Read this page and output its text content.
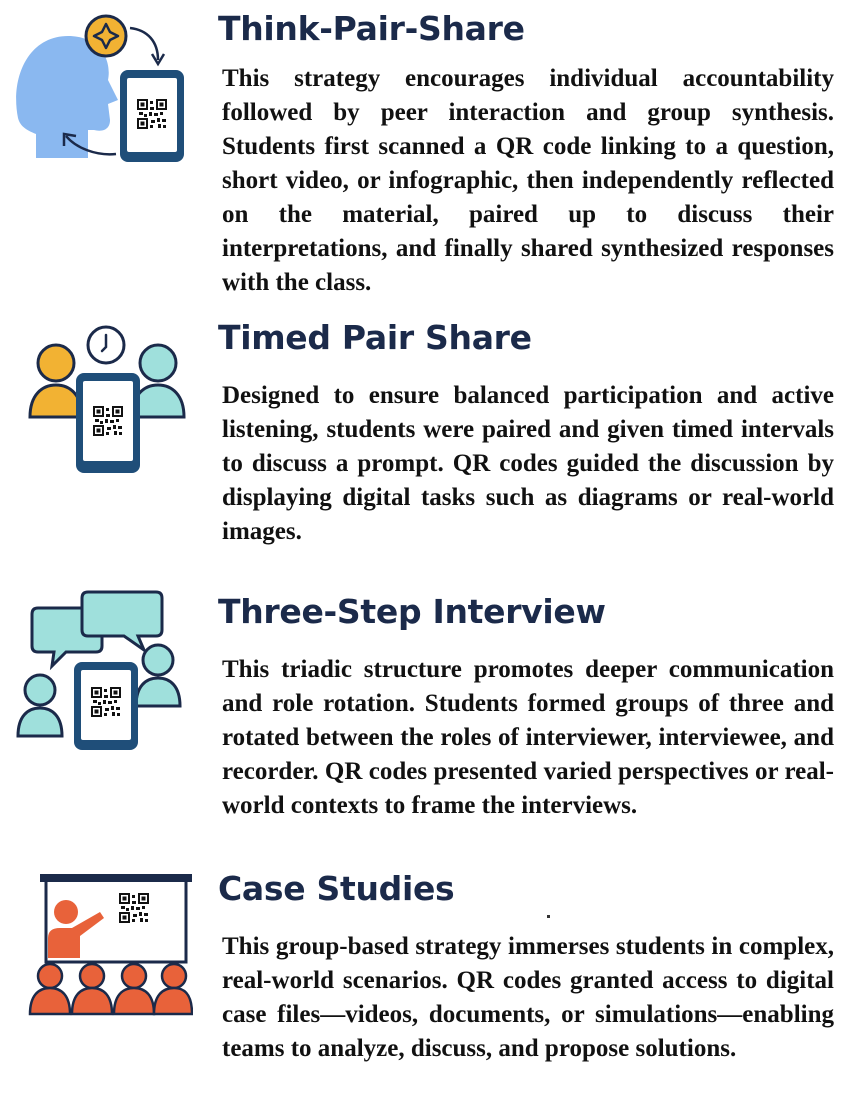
Think-Pair-Share

This strategy encourages individual accountability followed by peer interaction and group synthesis. Students first scanned a QR code linking to a question, short video, or infographic, then independently reflected on the material, paired up to discuss their interpretations, and finally shared synthesized responses with the class.

Timed Pair Share

Designed to ensure balanced participation and active listening, students were paired and given timed intervals to discuss a prompt. QR codes guided the discussion by displaying digital tasks such as diagrams or real-world images.

Three-Step Interview

This triadic structure promotes deeper communication and role rotation. Students formed groups of three and rotated between the roles of interviewer, interviewee, and recorder. QR codes presented varied perspectives or real-world contexts to frame the interviews.

Case Studies

This group-based strategy immerses students in complex, real-world scenarios. QR codes granted access to digital case files—videos, documents, or simulations—enabling teams to analyze, discuss, and propose solutions.
